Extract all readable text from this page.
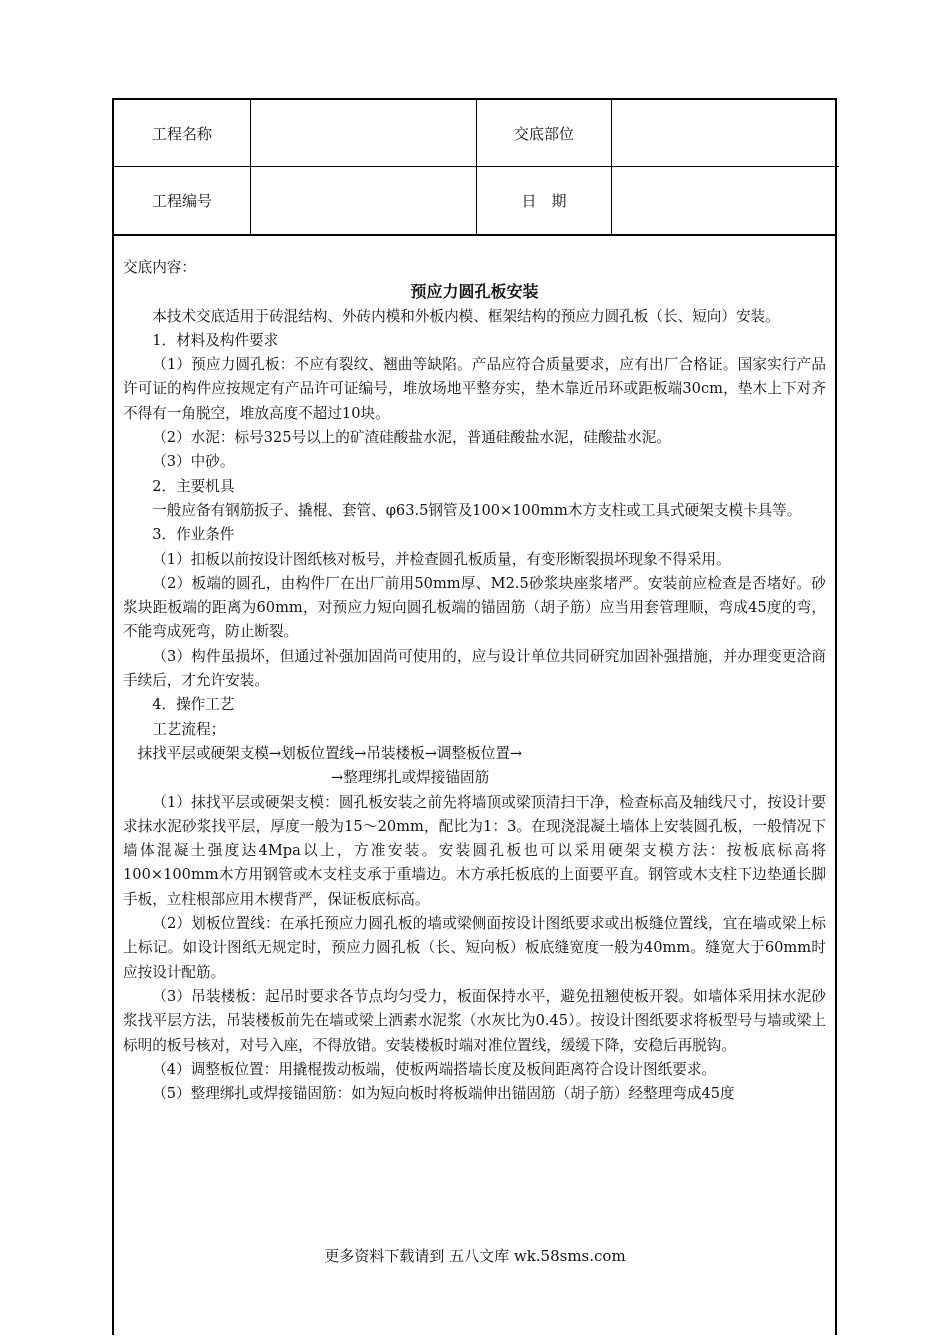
工程名称	交底部位
工程编号	日　期

交底内容：

预应力圆孔板安装

本技术交底适用于砖混结构、外砖内模和外板内模、框架结构的预应力圆孔板（长、短向）安装。

1．材料及构件要求

（1）预应力圆孔板：不应有裂纹、翘曲等缺陷。产品应符合质量要求，应有出厂合格证。国家实行产品许可证的构件应按规定有产品许可证编号，堆放场地平整夯实，垫木靠近吊环或距板端30cm，垫木上下对齐不得有一角脱空，堆放高度不超过10块。

（2）水泥：标号325号以上的矿渣硅酸盐水泥，普通硅酸盐水泥，硅酸盐水泥。

（3）中砂。

2．主要机具

一般应备有钢筋扳子、撬棍、套管、φ63.5钢管及100×100mm木方支柱或工具式硬架支模卡具等。

3．作业条件

（1）扣板以前按设计图纸核对板号，并检查圆孔板质量，有变形断裂损坏现象不得采用。

（2）板端的圆孔，由构件厂在出厂前用50mm厚、M2.5砂浆块座浆堵严。安装前应检查是否堵好。砂浆块距板端的距离为60mm，对预应力短向圆孔板端的锚固筋（胡子筋）应当用套管理顺，弯成45度的弯，不能弯成死弯，防止断裂。

（3）构件虽损坏，但通过补强加固尚可使用的，应与设计单位共同研究加固补强措施，并办理变更洽商手续后，才允许安装。

4．操作工艺

工艺流程；

抹找平层或硬架支模→划板位置线→吊装楼板→调整板位置→

→整理绑扎或焊接锚固筋

（1）抹找平层或硬架支模：圆孔板安装之前先将墙顶或梁顶清扫干净，检查标高及轴线尺寸，按设计要求抹水泥砂浆找平层，厚度一般为15～20mm，配比为1：3。在现浇混凝土墙体上安装圆孔板，一般情况下墙体混凝土强度达4Mpa以上，方准安装。安装圆孔板也可以采用硬架支模方法：按板底标高将100×100mm木方用钢管或木支柱支承于重墙边。木方承托板底的上面要平直。钢管或木支柱下边垫通长脚手板，立柱根部应用木楔背严，保证板底标高。

（2）划板位置线：在承托预应力圆孔板的墙或梁侧面按设计图纸要求或出板缝位置线，宜在墙或梁上标上标记。如设计图纸无规定时，预应力圆孔板（长、短向板）板底缝宽度一般为40mm。缝宽大于60mm时应按设计配筋。

（3）吊装楼板：起吊时要求各节点均匀受力，板面保持水平，避免扭翘使板开裂。如墙体采用抹水泥砂浆找平层方法，吊装楼板前先在墙或梁上洒素水泥浆（水灰比为0.45）。按设计图纸要求将板型号与墙或梁上标明的板号核对，对号入座，不得放错。安装楼板时端对准位置线，缓缓下降，安稳后再脱钩。

（4）调整板位置：用撬棍拨动板端，使板两端搭墙长度及板间距离符合设计图纸要求。

（5）整理绑扎或焊接锚固筋：如为短向板时将板端伸出锚固筋（胡子筋）经整理弯成45度

更多资料下载请到 五八文库 wk.58sms.com
